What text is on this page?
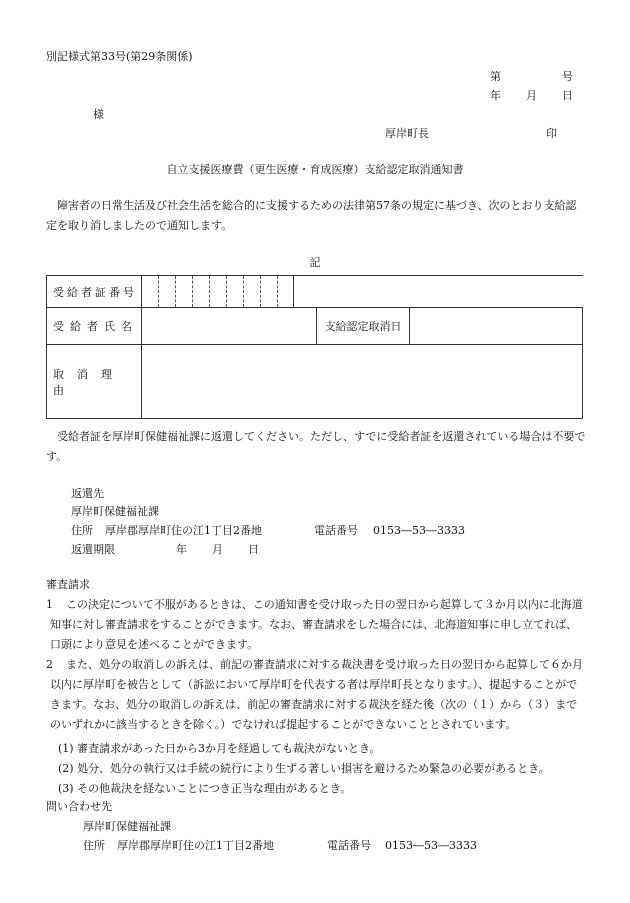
別記様式第33号(第29条関係)
第	号
年 月 日
様
厚岸町長	印
自立支援医療費（更生医療・育成医療）支給認定取消通知書
障害者の日常生活及び社会生活を総合的に支援するための法律第57条の規定に基づき、次のとおり支給認定を取り消しましたので通知します。
記
受給者証番号			

受給者氏名		支給認定取消日	
取消理由			
受給者証を厚岸町保健福祉課に返還してください。ただし、すでに受給者証を返還されている場合は不要です。
返還先
厚岸町保健福祉課
住所 厚岸郡厚岸町住の江1丁目2番地	電話番号 0153―53―3333
返還期限	年 月 日
審査請求
1	この決定について不服があるときは、この通知書を受け取った日の翌日から起算して３か月以内に北海道知事に対し審査請求をすることができます。なお、審査請求をした場合には、北海道知事に申し立てれば、口頭により意見を述べることができます。
2	また、処分の取消しの訴えは、前記の審査請求に対する裁決書を受け取った日の翌日から起算して６か月以内に厚岸町を被告として（訴訟において厚岸町を代表する者は厚岸町長となります。）、提起することができます。なお、処分の取消しの訴えは、前記の審査請求に対する裁決を経た後（次の（１）から（３）までのいずれかに該当するときを除く。）でなければ提起することができないこととされています。
(1) 審査請求があった日から3か月を経過しても裁決がないとき。
(2) 処分、処分の執行又は手続の続行により生ずる著しい損害を避けるため緊急の必要があるとき。
(3) その他裁決を経ないことにつき正当な理由があるとき。
問い合わせ先
厚岸町保健福祉課
住所 厚岸郡厚岸町住の江1丁目2番地	電話番号 0153―53―3333
